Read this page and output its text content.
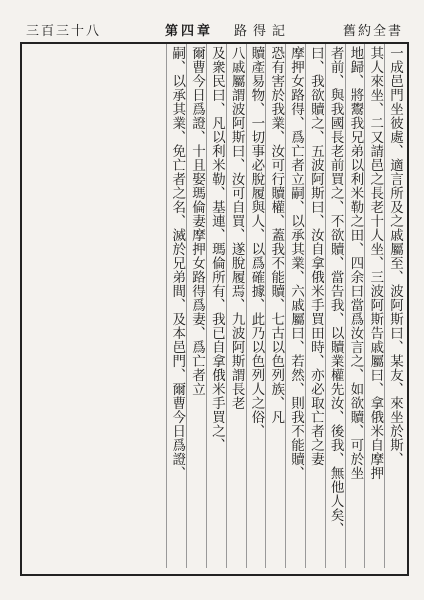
舊約全書
路得記
第四章
三百三十八
一成邑門坐彼處、適言所及之戚屬至、波阿斯曰、某友、來坐於斯、
其人來坐、二又請邑之長老十人坐、三波阿斯告戚屬曰、拿俄米自摩押
地歸、將鬻我兄弟以利米勒之田、四余曰當爲汝言之、如欲贖、可於坐
者前、與我國長老前買之、不欲贖、當告我、以贖業權先汝、後我、無他人矣、
曰、我欲贖之、五波阿斯曰、汝自拿俄米手買田時、亦必取亡者之妻
摩押女路得、爲亡者立嗣、以承其業、六戚屬曰、若然、則我不能贖、
恐有害於我業、汝可行贖權、蓋我不能贖、七古以色列族、凡
贖產易物、一切事必脫履與人、以爲確據、此乃以色列人之俗、
八戚屬謂波阿斯曰、汝可自買、遂脫履焉、九波阿斯謂長老
及衆民曰、凡以利米勒、基連、瑪倫所有、我已自拿俄米手買之、
爾曹今日爲證、十且娶瑪倫妻摩押女路得爲妻、爲亡者立
嗣、以承其業、免亡者之名、滅於兄弟間、及本邑門、爾曹今日爲證、
